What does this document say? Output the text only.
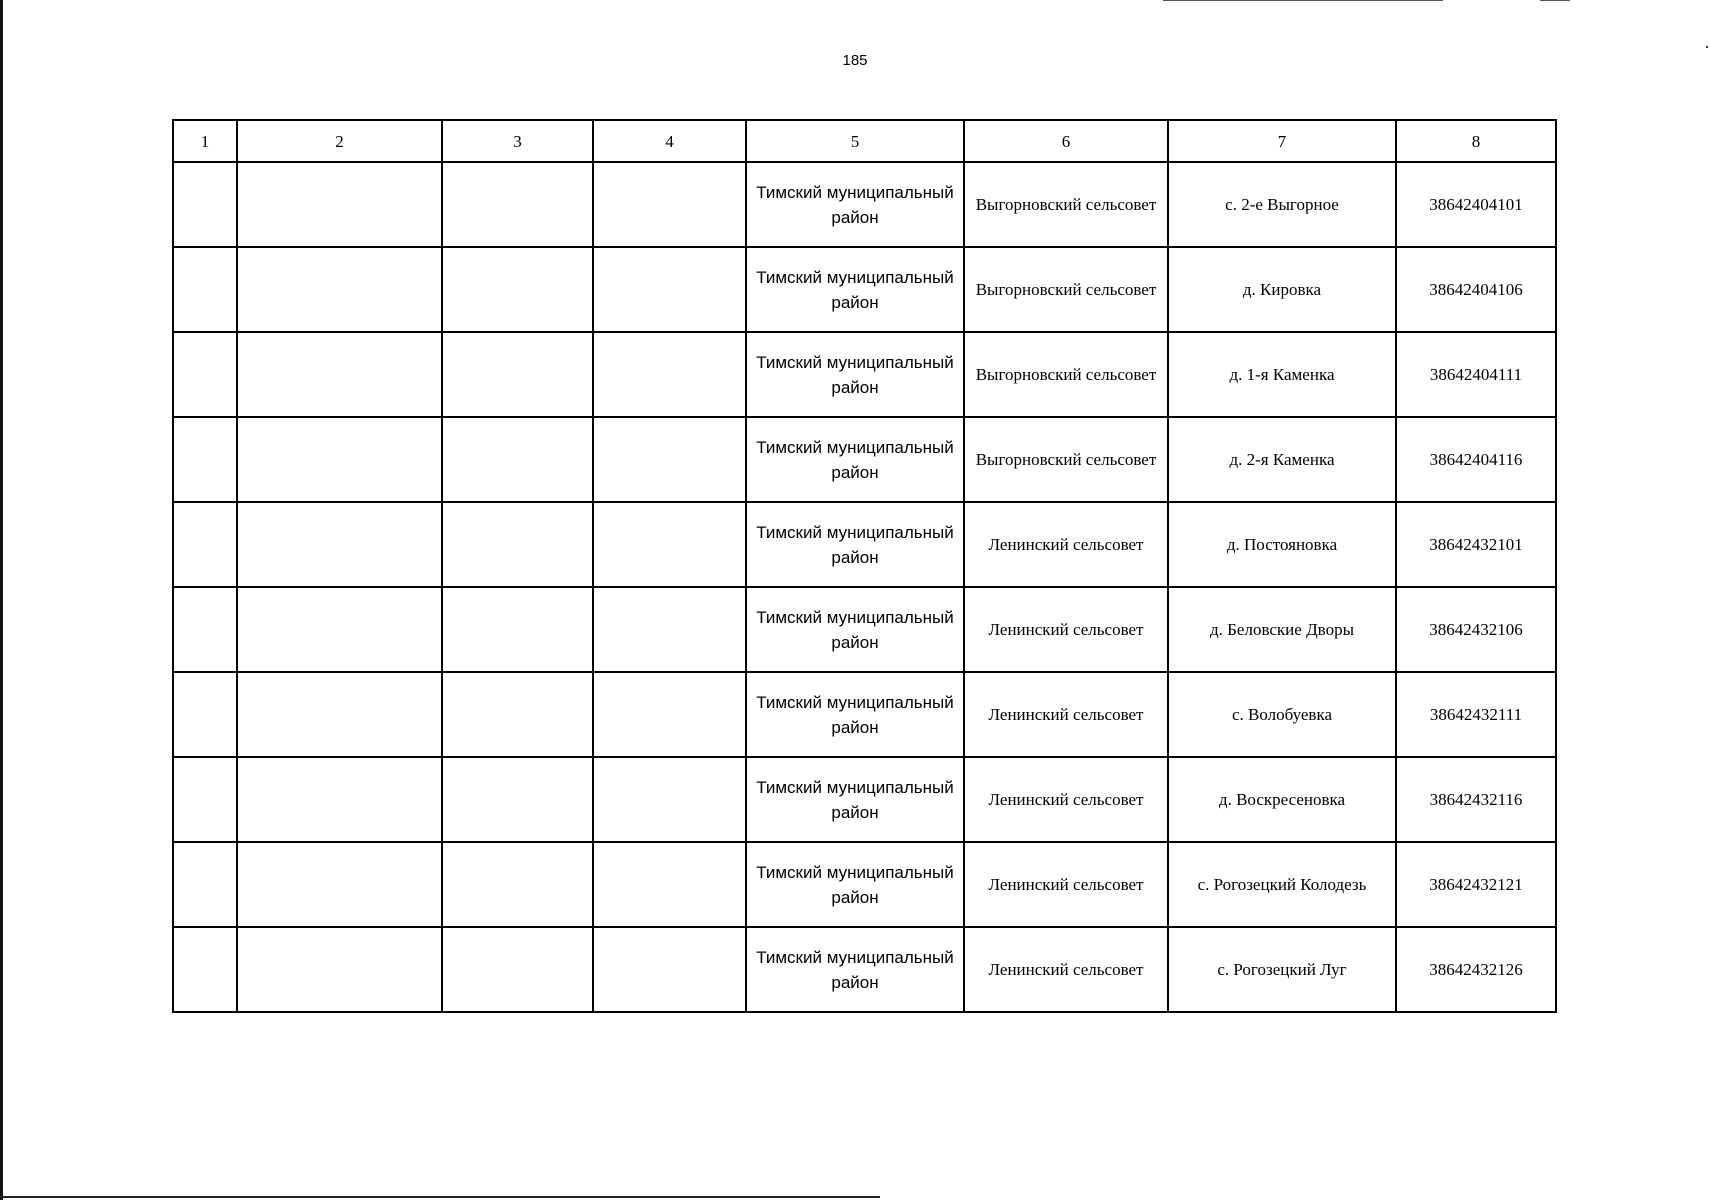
185
1	2	3	4	5	6	7	8
				Тимский муниципальный район	Выгорновский сельсовет	с. 2-е Выгорное	38642404101
				Тимский муниципальный район	Выгорновский сельсовет	д. Кировка	38642404106
				Тимский муниципальный район	Выгорновский сельсовет	д. 1-я Каменка	38642404111
				Тимский муниципальный район	Выгорновский сельсовет	д. 2-я Каменка	38642404116
				Тимский муниципальный район	Ленинский сельсовет	д. Постояновка	38642432101
				Тимский муниципальный район	Ленинский сельсовет	д. Беловские Дворы	38642432106
				Тимский муниципальный район	Ленинский сельсовет	с. Волобуевка	38642432111
				Тимский муниципальный район	Ленинский сельсовет	д. Воскресеновка	38642432116
				Тимский муниципальный район	Ленинский сельсовет	с. Рогозецкий Колодезь	38642432121
				Тимский муниципальный район	Ленинский сельсовет	с. Рогозецкий Луг	38642432126
